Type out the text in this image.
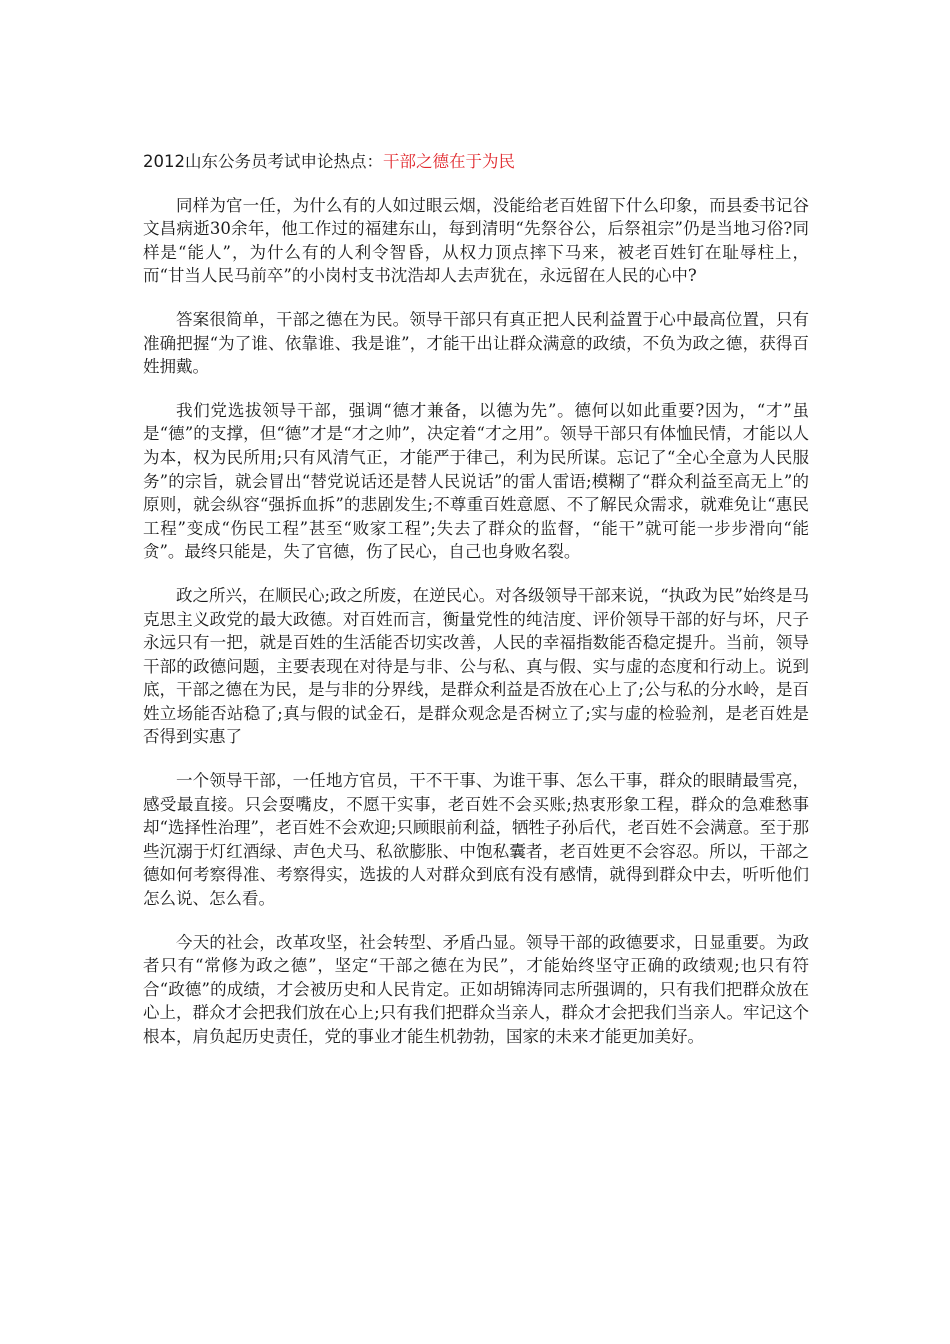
2012山东公务员考试申论热点：干部之德在于为民

同样为官一任，为什么有的人如过眼云烟，没能给老百姓留下什么印象，而县委书记谷文昌病逝30余年，他工作过的福建东山，每到清明“先祭谷公，后祭祖宗”仍是当地习俗?同样是“能人”，为什么有的人利令智昏，从权力顶点摔下马来，被老百姓钉在耻辱柱上，而“甘当人民马前卒”的小岗村支书沈浩却人去声犹在，永远留在人民的心中?

答案很简单，干部之德在为民。领导干部只有真正把人民利益置于心中最高位置，只有准确把握“为了谁、依靠谁、我是谁”，才能干出让群众满意的政绩，不负为政之德，获得百姓拥戴。

我们党选拔领导干部，强调“德才兼备，以德为先”。德何以如此重要?因为，“才”虽是“德”的支撑，但“德”才是“才之帅”，决定着“才之用”。领导干部只有体恤民情，才能以人为本，权为民所用;只有风清气正，才能严于律己，利为民所谋。忘记了“全心全意为人民服务”的宗旨，就会冒出“替党说话还是替人民说话”的雷人雷语;模糊了“群众利益至高无上”的原则，就会纵容“强拆血拆”的悲剧发生;不尊重百姓意愿、不了解民众需求，就难免让“惠民工程”变成“伤民工程”甚至“败家工程”;失去了群众的监督，“能干”就可能一步步滑向“能贪”。最终只能是，失了官德，伤了民心，自己也身败名裂。

政之所兴，在顺民心;政之所废，在逆民心。对各级领导干部来说，“执政为民”始终是马克思主义政党的最大政德。对百姓而言，衡量党性的纯洁度、评价领导干部的好与坏，尺子永远只有一把，就是百姓的生活能否切实改善，人民的幸福指数能否稳定提升。当前，领导干部的政德问题，主要表现在对待是与非、公与私、真与假、实与虚的态度和行动上。说到底，干部之德在为民，是与非的分界线，是群众利益是否放在心上了;公与私的分水岭，是百姓立场能否站稳了;真与假的试金石，是群众观念是否树立了;实与虚的检验剂，是老百姓是否得到实惠了

一个领导干部，一任地方官员，干不干事、为谁干事、怎么干事，群众的眼睛最雪亮，感受最直接。只会耍嘴皮，不愿干实事，老百姓不会买账;热衷形象工程，群众的急难愁事却“选择性治理”，老百姓不会欢迎;只顾眼前利益，牺牲子孙后代，老百姓不会满意。至于那些沉溺于灯红酒绿、声色犬马、私欲膨胀、中饱私囊者，老百姓更不会容忍。所以，干部之德如何考察得准、考察得实，选拔的人对群众到底有没有感情，就得到群众中去，听听他们怎么说、怎么看。

今天的社会，改革攻坚，社会转型、矛盾凸显。领导干部的政德要求，日显重要。为政者只有“常修为政之德”，坚定“干部之德在为民”，才能始终坚守正确的政绩观;也只有符合“政德”的成绩，才会被历史和人民肯定。正如胡锦涛同志所强调的，只有我们把群众放在心上，群众才会把我们放在心上;只有我们把群众当亲人，群众才会把我们当亲人。牢记这个根本，肩负起历史责任，党的事业才能生机勃勃，国家的未来才能更加美好。
